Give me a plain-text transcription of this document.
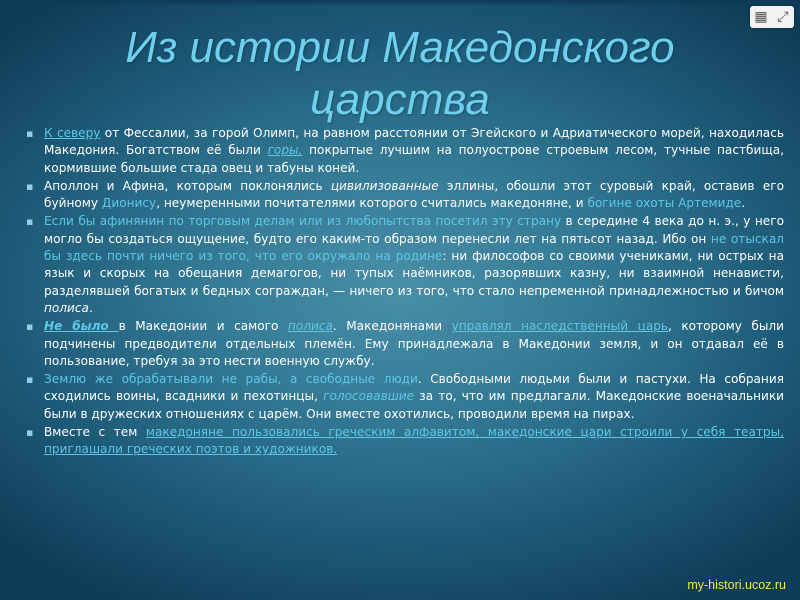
▦ ⤢
Из истории Македонского царства
▪ К северу от Фессалии, за горой Олимп, на равном расстоянии от Эгейского и Адриатического морей, находилась Македония. Богатством её были горы, покрытые лучшим на полуострове строевым лесом, тучные пастбища, кормившие большие стада овец и табуны коней.
▪ Аполлон и Афина, которым поклонялись цивилизованные эллины, обошли этот суровый край, оставив его буйному Дионису, неумеренными почитателями которого считались македоняне, и богине охоты Артемиде.
▪ Если бы афинянин по торговым делам или из любопытства посетил эту страну в середине 4 века до н. э., у него могло бы создаться ощущение, будто его каким-то образом перенесли лет на пятьсот назад. Ибо он не отыскал бы здесь почти ничего из того, что его окружало на родине: ни философов со своими учениками, ни острых на язык и скорых на обещания демагогов, ни тупых наёмников, разорявших казну, ни взаимной ненависти, разделявшей богатых и бедных сограждан, — ничего из того, что стало непременной принадлежностью и бичом полиса.
▪ Не было в Македонии и самого полиса. Македонянами управлял наследственный царь, которому были подчинены предводители отдельных племён. Ему принадлежала в Македонии земля, и он отдавал её в пользование, требуя за это нести военную службу.
▪ Землю же обрабатывали не рабы, а свободные люди. Свободными людьми были и пастухи. На собрания сходились воины, всадники и пехотинцы, голосовавшие за то, что им предлагали. Македонские военачальники были в дружеских отношениях с царём. Они вместе охотились, проводили время на пирах.
▪ Вместе с тем македоняне пользовались греческим алфавитом, македонские цари строили у себя театры, приглашали греческих поэтов и художников.
my-histori.ucoz.ru
